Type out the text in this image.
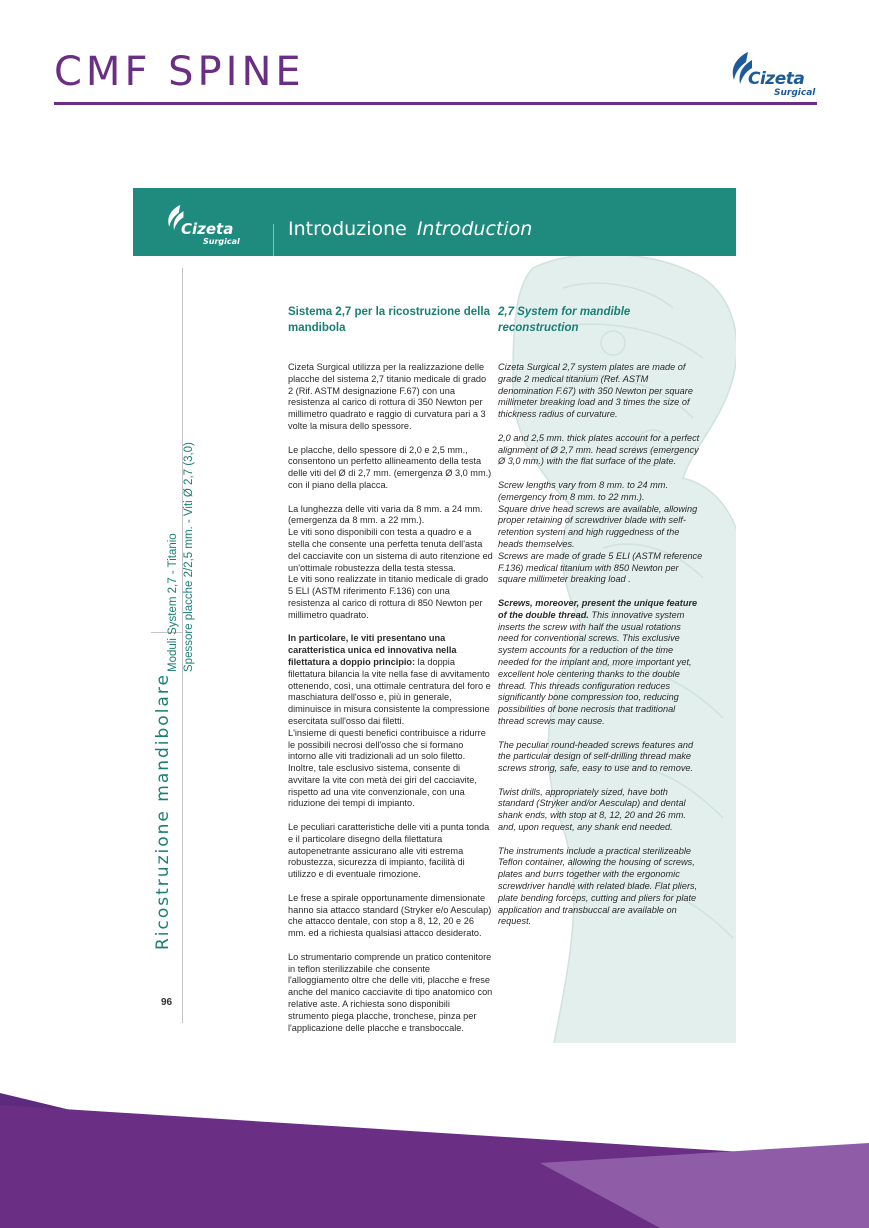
CMF SPINE	Cizeta
Surgical
Cizeta
Surgical
Introduzione Introduction
Moduli System 2,7 - Titanio Spessore placche 2/2,5 mm. - Viti Ø 2,7 (3,0)
Ricostruzione mandibolare
96
Sistema 2,7 per la ricostruzione della mandibola

Cizeta Surgical utilizza per la realizzazione delle placche del sistema 2,7 titanio medicale di grado 2 (Rif. ASTM designazione F.67) con una resistenza al carico di rottura di 350 Newton per millimetro quadrato e raggio di curvatura pari a 3 volte la misura dello spessore.

Le placche, dello spessore di 2,0 e 2,5 mm., consentono un perfetto allineamento della testa delle viti del Ø di 2,7 mm. (emergenza Ø 3,0 mm.) con il piano della placca.

La lunghezza delle viti varia da 8 mm. a 24 mm. (emergenza da 8 mm. a 22 mm.).
Le viti sono disponibili con testa a quadro e a stella che consente una perfetta tenuta dell'asta del cacciavite con un sistema di auto ritenzione ed un'ottimale robustezza della testa stessa.
Le viti sono realizzate in titanio medicale di grado 5 ELI (ASTM riferimento F.136) con una resistenza al carico di rottura di 850 Newton per millimetro quadrato.

In particolare, le viti presentano una caratteristica unica ed innovativa nella filettatura a doppio principio: la doppia filettatura bilancia la vite nella fase di avvitamento ottenendo, così, una ottimale centratura del foro e maschiatura dell'osso e, più in generale, diminuisce in misura consistente la compressione esercitata sull'osso dai filetti.
L'insieme di questi benefici contribuisce a ridurre le possibili necrosi dell'osso che si formano intorno alle viti tradizionali ad un solo filetto.
Inoltre, tale esclusivo sistema, consente di avvitare la vite con metà dei giri del cacciavite, rispetto ad una vite convenzionale, con una riduzione dei tempi di impianto.

Le peculiari caratteristiche delle viti a punta tonda e il particolare disegno della filettatura autopenetrante assicurano alle viti estrema robustezza, sicurezza di impianto, facilità di utilizzo e di eventuale rimozione.

Le frese a spirale opportunamente dimensionate hanno sia attacco standard (Stryker e/o Aesculap) che attacco dentale, con stop a 8, 12, 20 e 26 mm. ed a richiesta qualsiasi attacco desiderato.

Lo strumentario comprende un pratico contenitore in teflon sterilizzabile che consente l'alloggiamento oltre che delle viti, placche e frese anche del manico cacciavite di tipo anatomico con relative aste. A richiesta sono disponibili strumento piega placche, tronchese, pinza per l'applicazione delle placche e transboccale.

2,7 System for mandible reconstruction

Cizeta Surgical 2,7 system plates are made of grade 2 medical titanium (Ref. ASTM denomination F.67) with 350 Newton per square millimeter breaking load and 3 times the size of thickness radius of curvature.

2,0 and 2,5 mm. thick plates account for a perfect alignment of Ø 2,7 mm. head screws (emergency Ø 3,0 mm.) with the flat surface of the plate.

Screw lengths vary from 8 mm. to 24 mm. (emergency from 8 mm. to 22 mm.).
Square drive head screws are available, allowing proper retaining of screwdriver blade with self-retention system and high ruggedness of the heads themselves.
Screws are made of grade 5 ELI (ASTM reference F.136) medical titanium with 850 Newton per square millimeter breaking load .

Screws, moreover, present the unique feature of the double thread. This innovative system inserts the screw with half the usual rotations need for conventional screws. This exclusive system accounts for a reduction of the time needed for the implant and, more important yet, excellent hole centering thanks to the double thread. This threads configuration reduces significantly bone compression too, reducing possibilities of bone necrosis that traditional thread screws may cause.

The peculiar round-headed screws features and the particular design of self-drilling thread make screws strong, safe, easy to use and to remove.

Twist drills, appropriately sized, have both standard (Stryker and/or Aesculap) and dental shank ends, with stop at 8, 12, 20 and 26 mm. and, upon request, any shank end needed.

The instruments include a practical sterilizeable Teflon container, allowing the housing of screws, plates and burrs together with the ergonomic screwdriver handle with related blade. Flat pliers, plate bending forceps, cutting and pliers for plate application and transbuccal are available on request.
